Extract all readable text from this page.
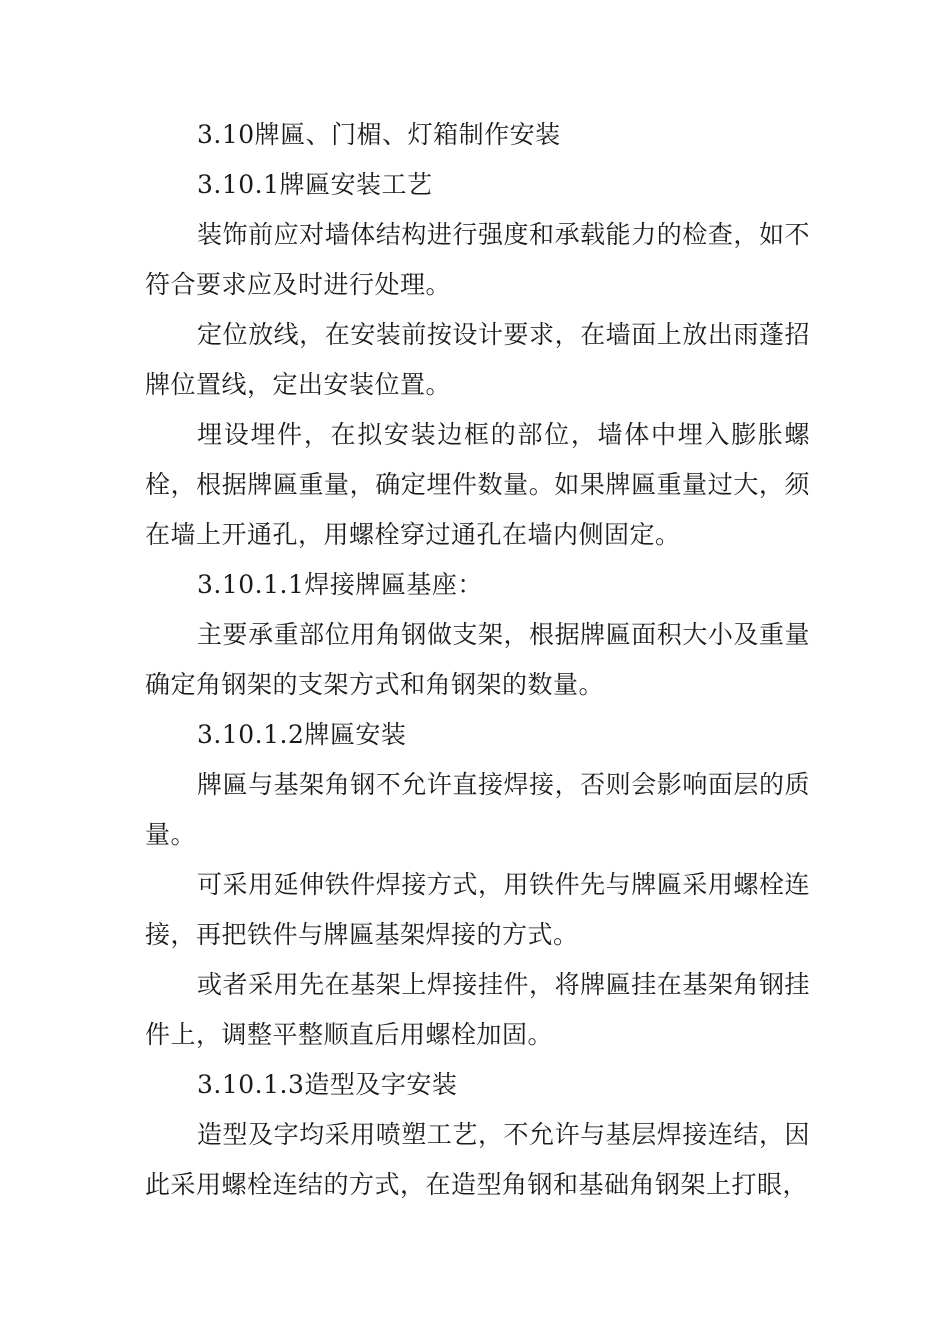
3.10牌匾、门楣、灯箱制作安装

3.10.1牌匾安装工艺

装饰前应对墙体结构进行强度和承载能力的检查，如不符合要求应及时进行处理。

定位放线，在安装前按设计要求，在墙面上放出雨蓬招牌位置线，定出安装位置。

埋设埋件，在拟安装边框的部位，墙体中埋入膨胀螺栓，根据牌匾重量，确定埋件数量。如果牌匾重量过大，须在墙上开通孔，用螺栓穿过通孔在墙内侧固定。

3.10.1.1焊接牌匾基座：

主要承重部位用角钢做支架，根据牌匾面积大小及重量确定角钢架的支架方式和角钢架的数量。

3.10.1.2牌匾安装

牌匾与基架角钢不允许直接焊接，否则会影响面层的质量。

可采用延伸铁件焊接方式，用铁件先与牌匾采用螺栓连接，再把铁件与牌匾基架焊接的方式。

或者采用先在基架上焊接挂件，将牌匾挂在基架角钢挂件上，调整平整顺直后用螺栓加固。

3.10.1.3造型及字安装

造型及字均采用喷塑工艺，不允许与基层焊接连结，因此采用螺栓连结的方式，在造型角钢和基础角钢架上打眼，
